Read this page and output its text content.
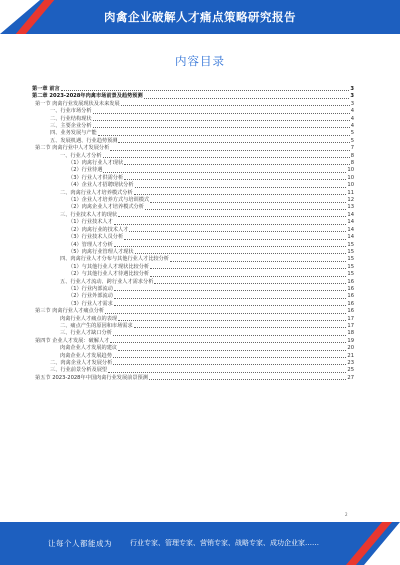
肉禽企业破解人才痛点策略研究报告
内容目录
第一章 前言	3
第二章 2023-2028年肉禽市场前景及趋势预测	3
第一节 肉禽行业发展现状及未来发展	3
一、行业市场分析	4
二、行业结构现状	4
三、主要企业分析	4
四、业务发展与产能	5
五、发展机遇、行业趋势预测	5
第二节 肉禽行业中人才发展分析	7
一、行业人才分析	8
（1）肉禽行业人才现状	8
（2）行业待遇	10
（3）行业人才供需分析	10
（4）企业人才招聘现状分析	10
二、肉禽行业人才培养模式分析	11
（1）企业人才培养方式与培训模式	12
（2）肉禽企业人才培养模式分析	13
三、行业技术人才的现状	14
（1）行业技术人才	14
（2）肉禽行业的技术人才	14
（3）行业技术人员分析	14
（4）管理人才分析	15
（5）肉禽行业管理人才现状	15
四、肉禽行业人才分布与其他行业人才比较分析	15
（1）与其他行业人才现状比较分析	15
（2）与其他行业人才待遇比较分析	15
五、行业人才流动、跨行业人才需求分析	16
（1）行业内部流动	16
（2）行业外部流动	16
（3）行业人才需求	16
第三节 肉禽行业人才痛点分析	16
肉禽行业人才痛点的表现	17
二、痛点产生的原因和市场需求	17
三、行业人才缺口分析	18
第四节 企业人才发展：破解人才	19
肉禽企业人才发展的建议	20
肉禽企业人才发展趋势	21
二、肉禽企业人才发展分析	23
三、行业前景分析及展望	25
第五节 2023-2028年中国肉禽行业发展前景预测	27
2
让每个人都能成为	行业专家、管理专家、营销专家、战略专家、成功企业家……
